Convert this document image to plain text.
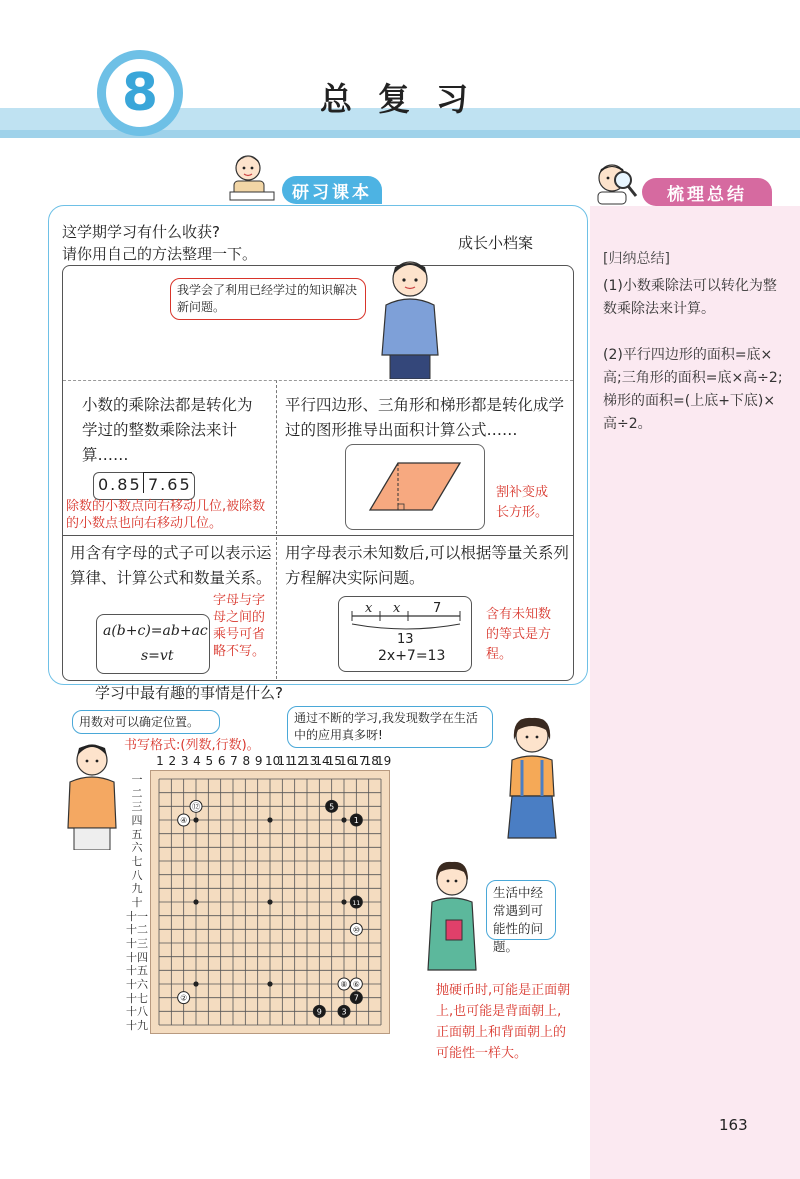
8	总复习
研习课本	梳理总结
这学期学习有什么收获?
请你用自己的方法整理一下。
成长小档案
我学会了利用已经学过的知识解决新问题。
小数的乘除法都是转化为学过的整数乘除法来计算……
0.85 7.65
除数的小数点向右移动几位,被除数的小数点也向右移动几位。
平行四边形、三角形和梯形都是转化成学过的图形推导出面积计算公式……
割补变成长方形。
用含有字母的式子可以表示运算律、计算公式和数量关系。
a(b+c)=ab+ac
s=vt
字母与字母之间的乘号可省略不写。
用字母表示未知数后,可以根据等量关系列方程解决实际问题。
x x	7
13
2x+7=13
含有未知数的等式是方程。
学习中最有趣的事情是什么?
用数对可以确定位置。
书写格式:(列数,行数)。
通过不断的学习,我发现数学在生活中的应用真多呀!
生活中经常遇到可能性的问题。
抛硬币时,可能是正面朝上,也可能是背面朝上,正面朝上和背面朝上的可能性一样大。
1 2 3 4 5 6 7 8 9 10
11
12
13
14
15
16
17
18
19
一
二
三
四
五
六
七
八
九
十
十一
十二
十三
十四
十五
十六
十七
十八
十九
⑫
④
5
1
11
⑩
⑧ ⑥
7
②
3
9
[归纳总结]
(1)小数乘除法可以转化为整数乘除法来计算。
(2)平行四边形的面积=底×高;三角形的面积=底×高÷2;梯形的面积=(上底+下底)×高÷2。
163
